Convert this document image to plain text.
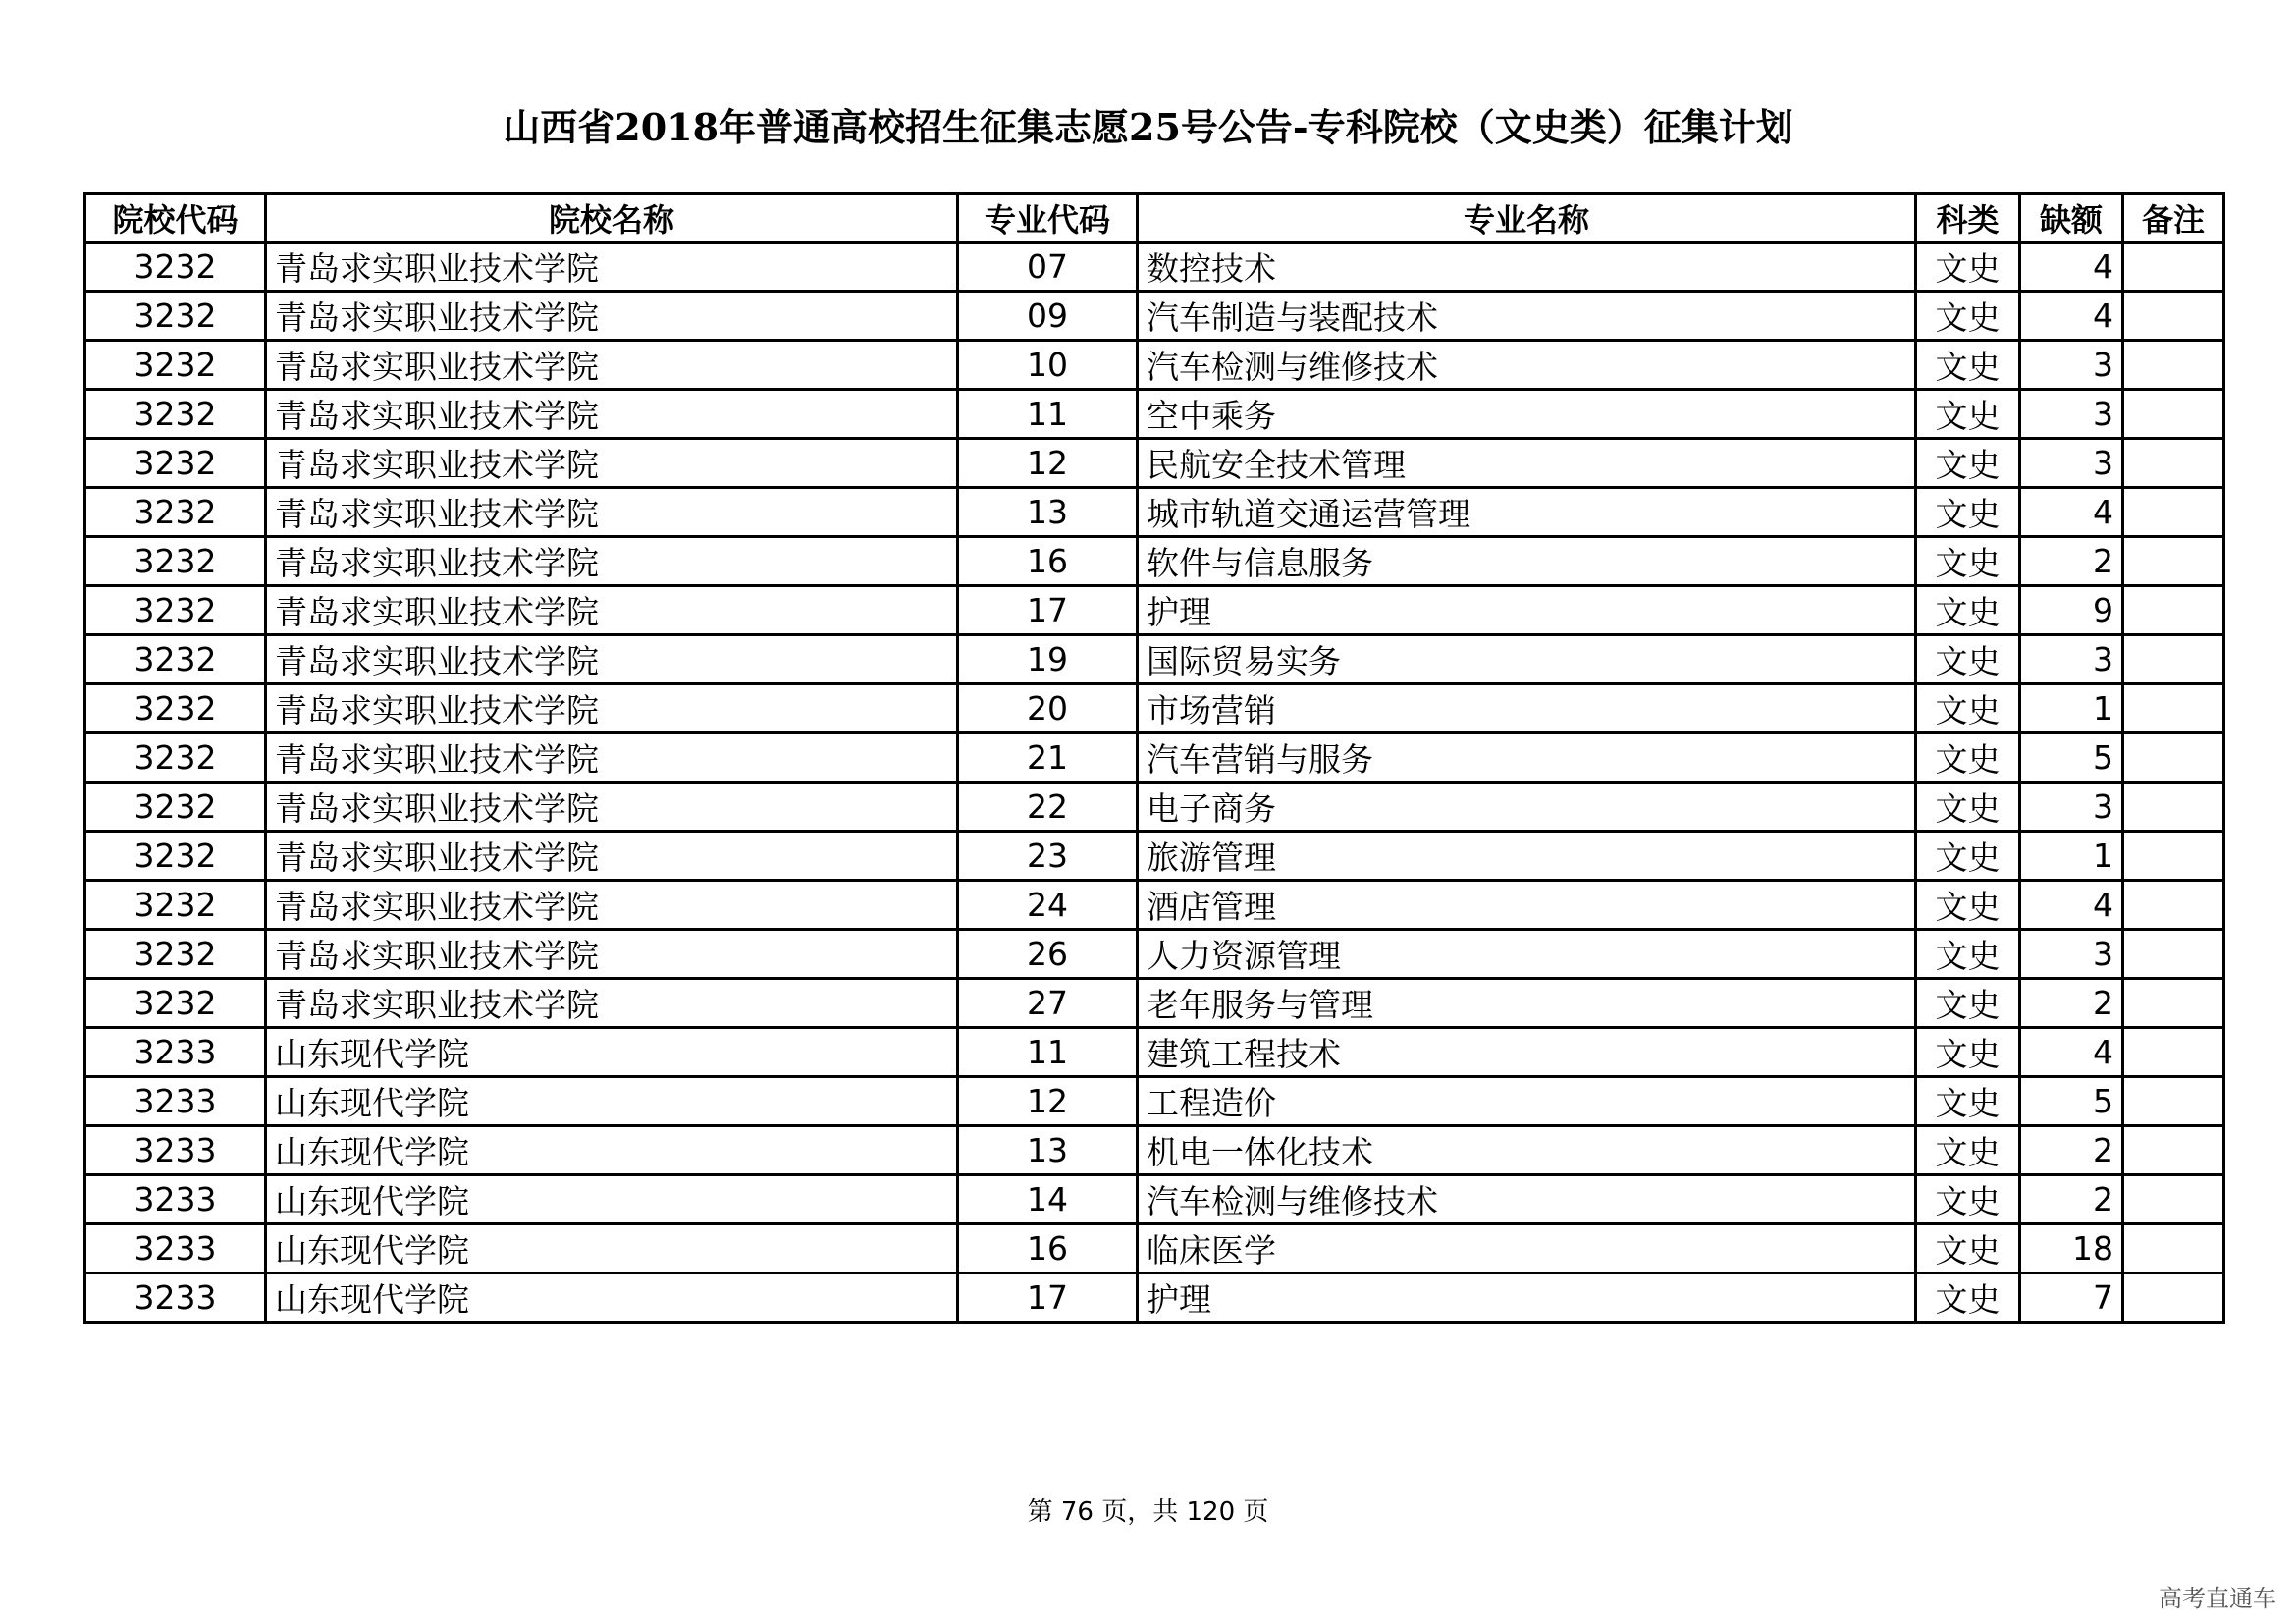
山西省2018年普通高校招生征集志愿25号公告-专科院校（文史类）征集计划
院校代码	院校名称	专业代码	专业名称	科类	缺额	备注
3232	青岛求实职业技术学院	07	数控技术	文史	4	
3232	青岛求实职业技术学院	09	汽车制造与装配技术	文史	4	
3232	青岛求实职业技术学院	10	汽车检测与维修技术	文史	3	
3232	青岛求实职业技术学院	11	空中乘务	文史	3	
3232	青岛求实职业技术学院	12	民航安全技术管理	文史	3	
3232	青岛求实职业技术学院	13	城市轨道交通运营管理	文史	4	
3232	青岛求实职业技术学院	16	软件与信息服务	文史	2	
3232	青岛求实职业技术学院	17	护理	文史	9	
3232	青岛求实职业技术学院	19	国际贸易实务	文史	3	
3232	青岛求实职业技术学院	20	市场营销	文史	1	
3232	青岛求实职业技术学院	21	汽车营销与服务	文史	5	
3232	青岛求实职业技术学院	22	电子商务	文史	3	
3232	青岛求实职业技术学院	23	旅游管理	文史	1	
3232	青岛求实职业技术学院	24	酒店管理	文史	4	
3232	青岛求实职业技术学院	26	人力资源管理	文史	3	
3232	青岛求实职业技术学院	27	老年服务与管理	文史	2	
3233	山东现代学院	11	建筑工程技术	文史	4	
3233	山东现代学院	12	工程造价	文史	5	
3233	山东现代学院	13	机电一体化技术	文史	2	
3233	山东现代学院	14	汽车检测与维修技术	文史	2	
3233	山东现代学院	16	临床医学	文史	18	
3233	山东现代学院	17	护理	文史	7	
第 76 页，共 120 页
高考直通车
